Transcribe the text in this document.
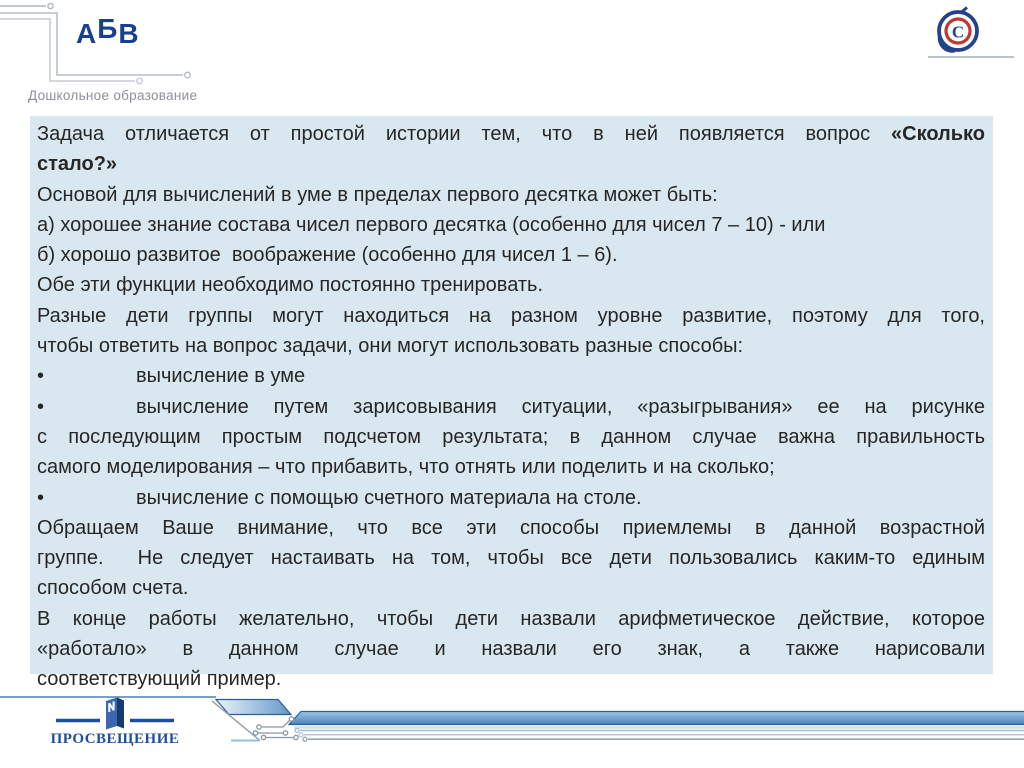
АБВ
Дошкольное образование
С
Задача отличается от простой истории тем, что в ней появляется вопрос «Сколько
стало?»
Основой для вычислений в уме в пределах первого десятка может быть:
а) хорошее знание состава чисел первого десятка (особенно для чисел 7 – 10) - или
б) хорошо развитое  воображение (особенно для чисел 1 – 6).
Обе эти функции необходимо постоянно тренировать.
Разные дети группы могут находиться на разном уровне развитие, поэтому для того,
чтобы ответить на вопрос задачи, они могут использовать разные способы:
•	вычисление в уме
•	вычисление путем зарисовывания ситуации, «разыгрывания» ее на рисунке
с последующим простым подсчетом результата; в данном случае важна правильность
самого моделирования – что прибавить, что отнять или поделить и на сколько;
•	вычисление с помощью счетного материала на столе.
Обращаем Ваше внимание, что все эти способы приемлемы в данной возрастной
группе.  Не следует настаивать на том, чтобы все дети пользовались каким-то единым
способом счета.
В конце работы желательно, чтобы дети назвали арифметическое действие, которое
«работало» в данном случае и назвали его знак, а также нарисовали
соответствующий пример.
ПРОСВЕЩЕНИЕ
